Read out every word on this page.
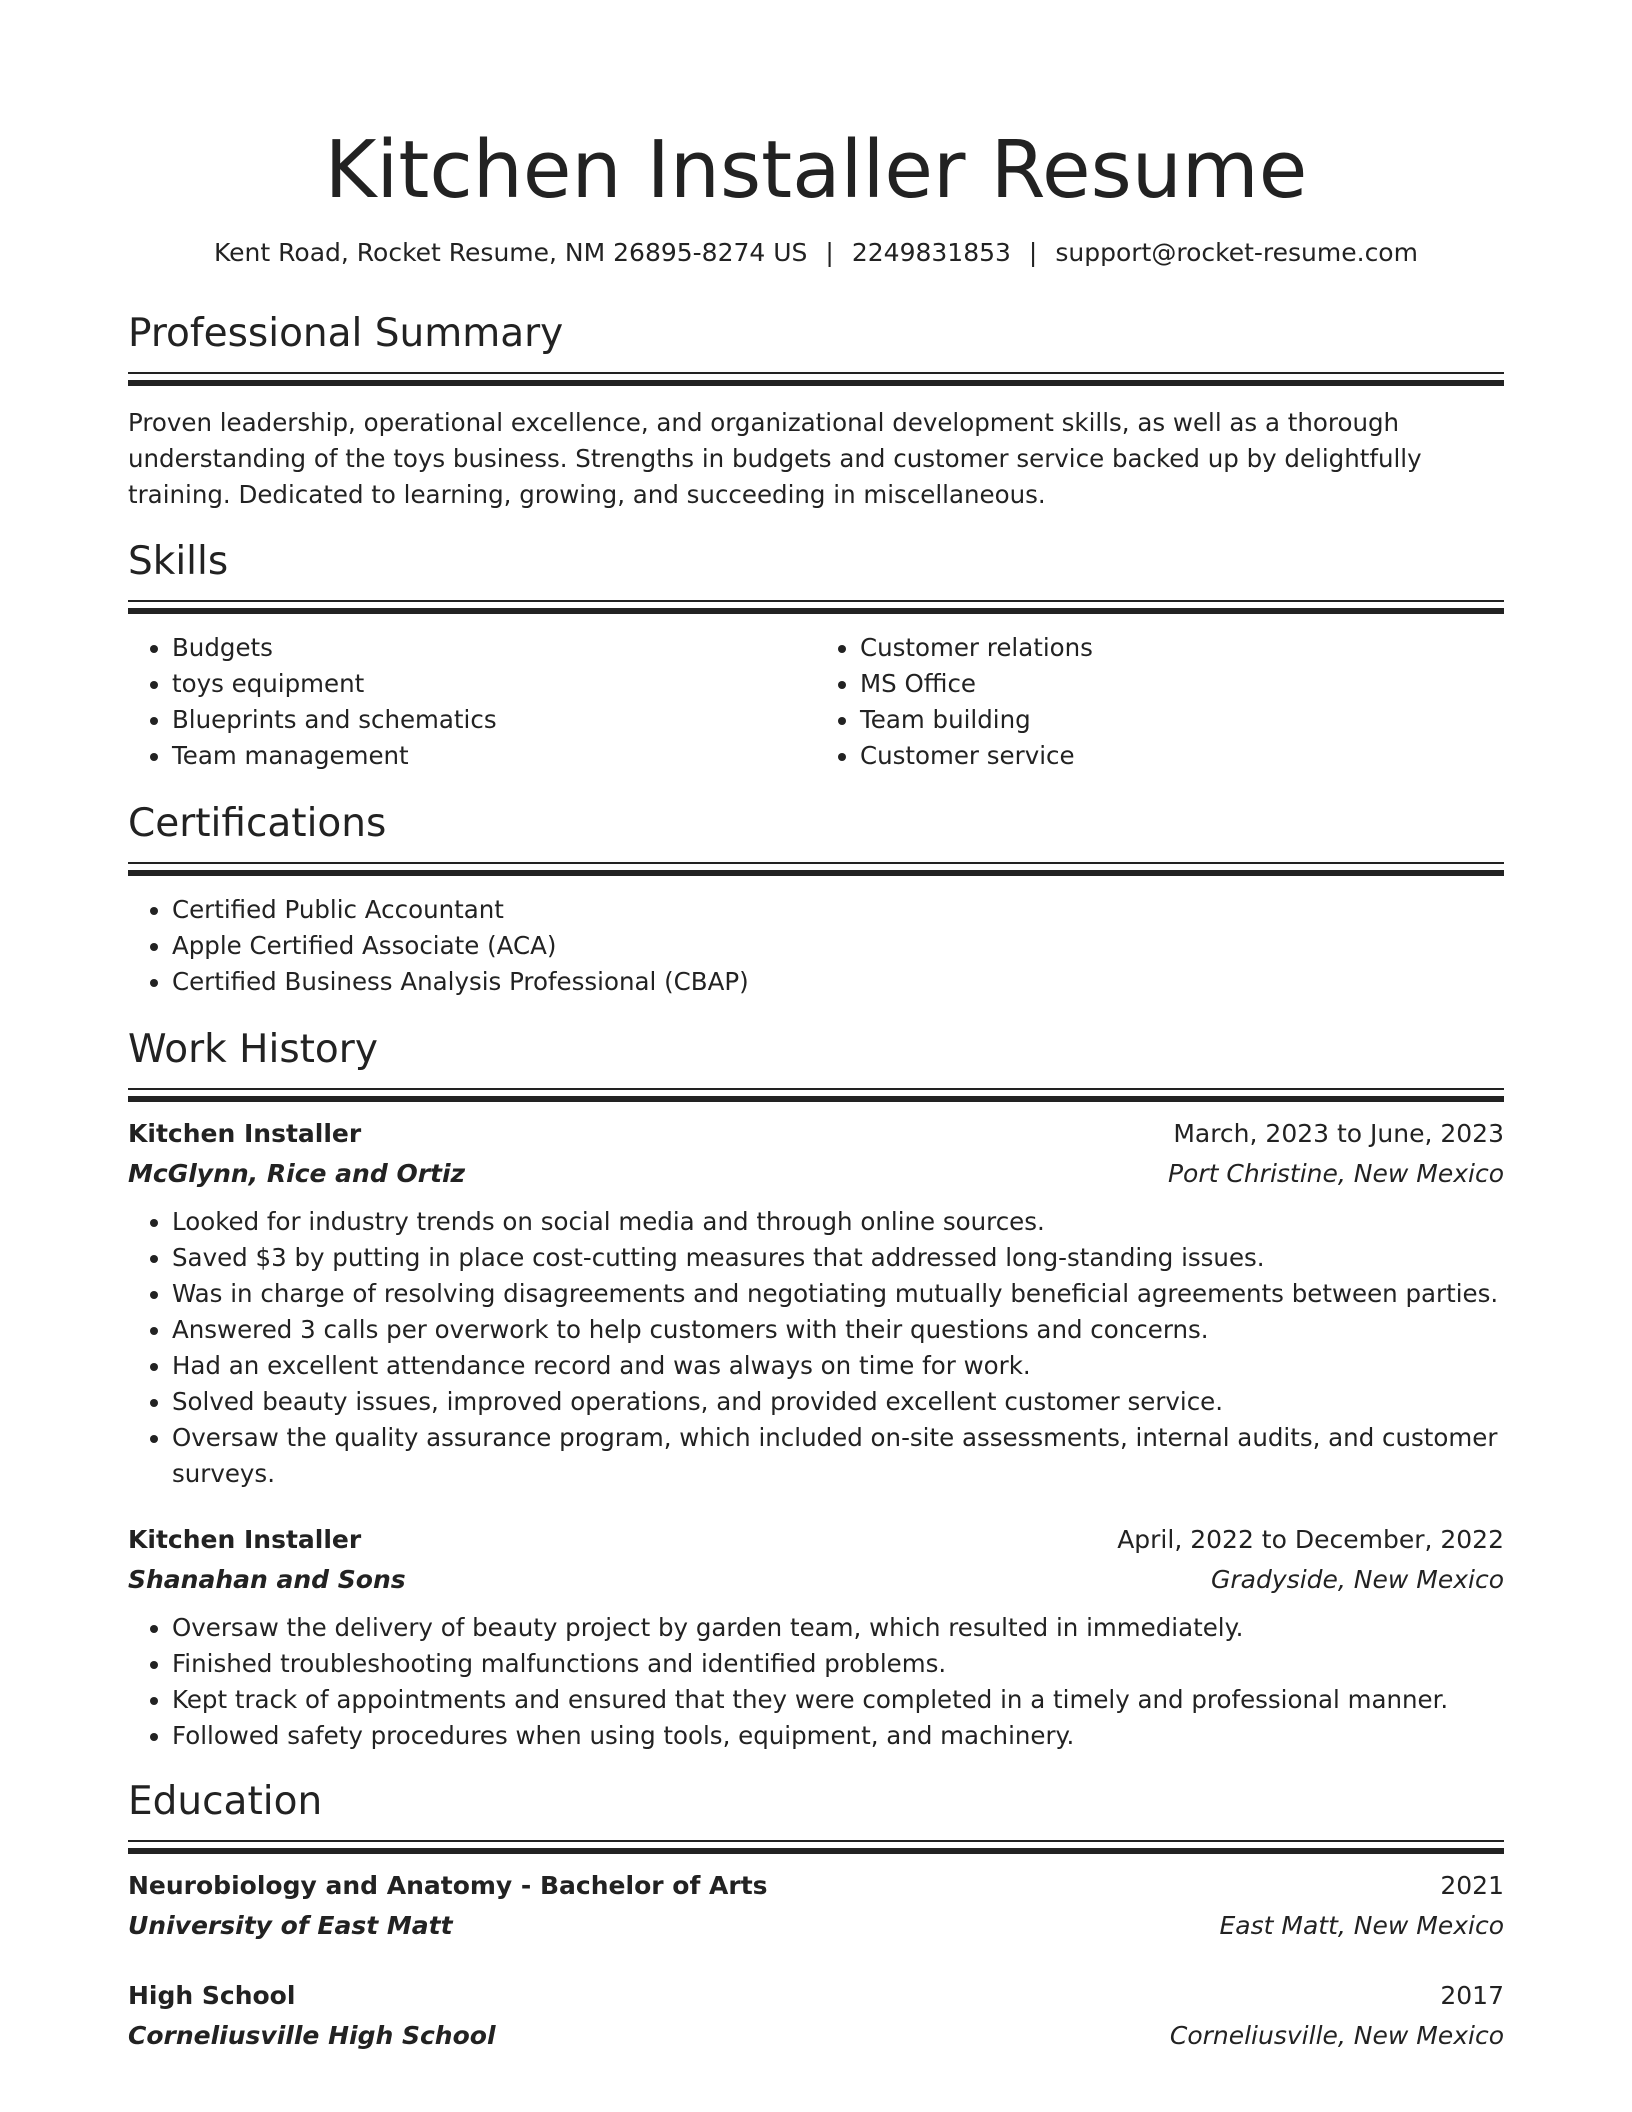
Kitchen Installer Resume
Kent Road, Rocket Resume, NM 26895-8274 US | 2249831853 | support@rocket-resume.com
Professional Summary

Proven leadership, operational excellence, and organizational development skills, as well as a thorough understanding of the toys business. Strengths in budgets and customer service backed up by delightfully training. Dedicated to learning, growing, and succeeding in miscellaneous.

Skills
• Budgets
• toys equipment
• Blueprints and schematics
• Team management
• Customer relations
• MS Office
• Team building
• Customer service
Certifications
• Certified Public Accountant
• Apple Certified Associate (ACA)
• Certified Business Analysis Professional (CBAP)
Work History
Kitchen Installer	March, 2023 to June, 2023
McGlynn, Rice and Ortiz	Port Christine, New Mexico
• Looked for industry trends on social media and through online sources.
• Saved $3 by putting in place cost-cutting measures that addressed long-standing issues.
• Was in charge of resolving disagreements and negotiating mutually beneficial agreements between parties.
• Answered 3 calls per overwork to help customers with their questions and concerns.
• Had an excellent attendance record and was always on time for work.
• Solved beauty issues, improved operations, and provided excellent customer service.
• Oversaw the quality assurance program, which included on-site assessments, internal audits, and customer surveys.
Kitchen Installer	April, 2022 to December, 2022
Shanahan and Sons	Gradyside, New Mexico
• Oversaw the delivery of beauty project by garden team, which resulted in immediately.
• Finished troubleshooting malfunctions and identified problems.
• Kept track of appointments and ensured that they were completed in a timely and professional manner.
• Followed safety procedures when using tools, equipment, and machinery.
Education
Neurobiology and Anatomy - Bachelor of Arts	2021
University of East Matt	East Matt, New Mexico
High School	2017
Corneliusville High School	Corneliusville, New Mexico
